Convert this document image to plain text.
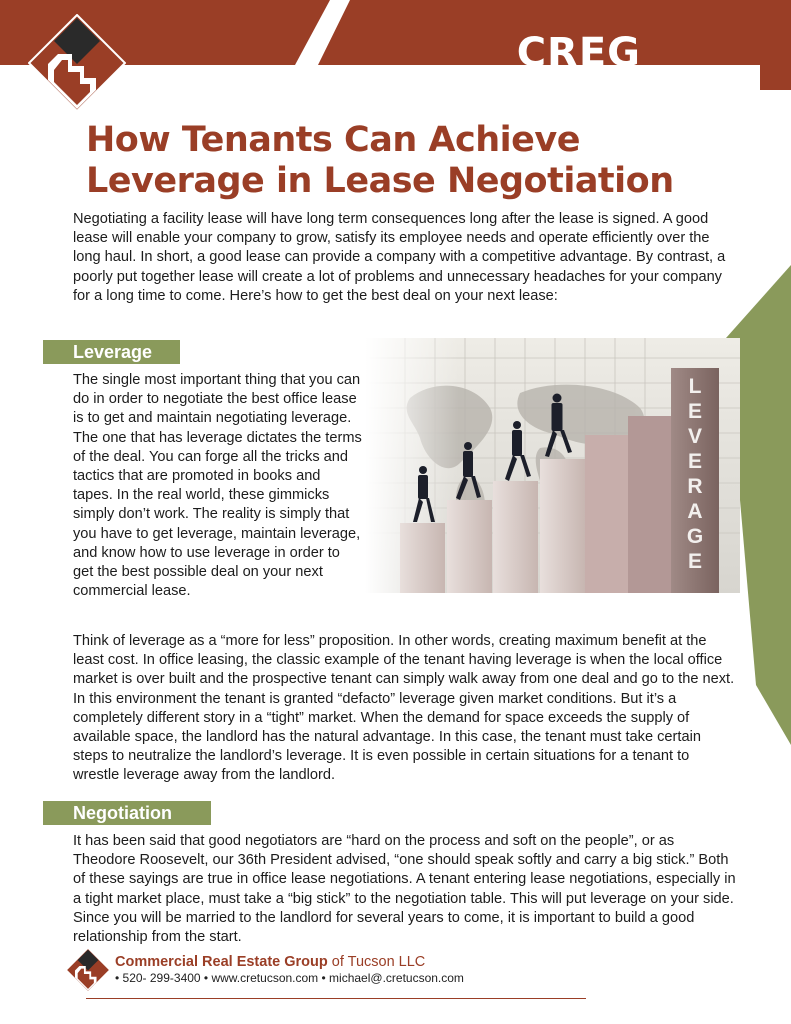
CREG
How Tenants Can Achieve
Leverage in Lease Negotiation
Negotiating a facility lease will have long term consequences long after the lease is signed. A good lease will enable your company to grow, satisfy its employee needs and operate efficiently over the long haul. In short, a good lease can provide a company with a competitive advantage. By contrast, a poorly put together lease will create a lot of problems and unnecessary headaches for your company for a long time to come. Here’s how to get the best deal on your next lease:
Leverage
The single most important thing that you can do in order to negotiate the best office lease is to get and maintain negotiating leverage. The one that has leverage dictates the terms of the deal. You can forge all the tricks and tactics that are promoted in books and tapes. In the real world, these gimmicks simply don’t work. The reality is simply that you have to get leverage, maintain leverage, and know how to use leverage in order to get the best possible deal on your next commercial lease.
L
E
V
E
R
A
G
E
Think of leverage as a “more for less” proposition. In other words, creating maximum benefit at the least cost. In office leasing, the classic example of the tenant having leverage is when the local office market is over built and the prospective tenant can simply walk away from one deal and go to the next. In this environment the tenant is granted “defacto” leverage given market conditions. But it’s a completely different story in a “tight” market. When the demand for space exceeds the supply of available space, the landlord has the natural advantage. In this case, the tenant must take certain steps to neutralize the landlord’s leverage. It is even possible in certain situations for a tenant to wrestle leverage away from the landlord.
Negotiation
It has been said that good negotiators are “hard on the process and soft on the people”, or as Theodore Roosevelt, our 36th President advised, “one should speak softly and carry a big stick.” Both of these sayings are true in office lease negotiations. A tenant entering lease negotiations, especially in a tight market place, must take a “big stick” to the negotiation table. This will put leverage on your side. Since you will be married to the landlord for several years to come, it is important to build a good relationship from the start.
Commercial Real Estate Group of Tucson LLC
• 520- 299-3400 • www.cretucson.com • michael@.cretucson.com
